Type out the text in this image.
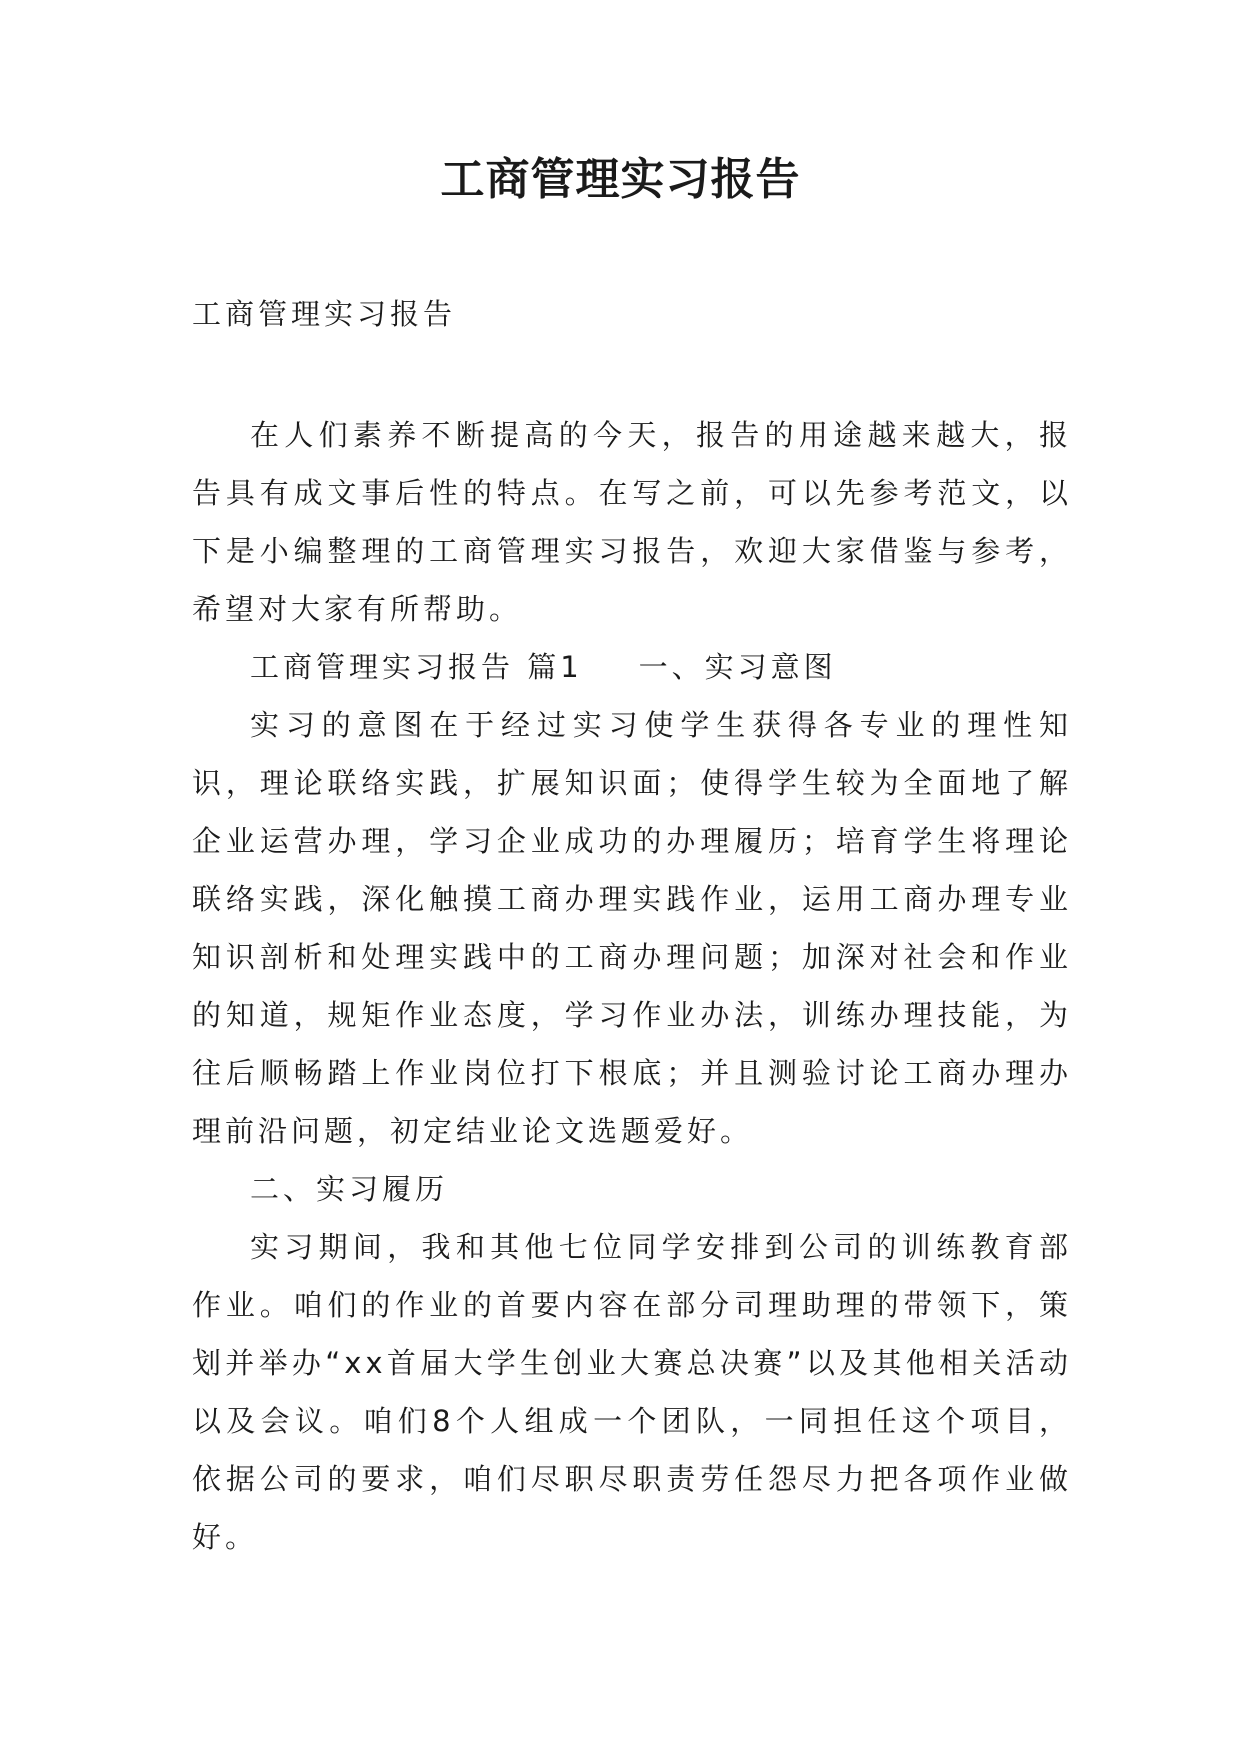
工商管理实习报告
工商管理实习报告

在人们素养不断提高的今天，报告的用途越来越大，报告具有成文事后性的特点。在写之前，可以先参考范文，以下是小编整理的工商管理实习报告，欢迎大家借鉴与参考，希望对大家有所帮助。

工商管理实习报告 篇1 一、实习意图

实习的意图在于经过实习使学生获得各专业的理性知识，理论联络实践，扩展知识面；使得学生较为全面地了解企业运营办理，学习企业成功的办理履历；培育学生将理论联络实践，深化触摸工商办理实践作业，运用工商办理专业知识剖析和处理实践中的工商办理问题；加深对社会和作业的知道，规矩作业态度，学习作业办法，训练办理技能，为往后顺畅踏上作业岗位打下根底；并且测验讨论工商办理办理前沿问题，初定结业论文选题爱好。

二、实习履历

实习期间，我和其他七位同学安排到公司的训练教育部作业。咱们的作业的首要内容在部分司理助理的带领下，策划并举办“xx首届大学生创业大赛总决赛”以及其他相关活动以及会议。咱们8个人组成一个团队，一同担任这个项目，依据公司的要求，咱们尽职尽职责劳任怨尽力把各项作业做好。
